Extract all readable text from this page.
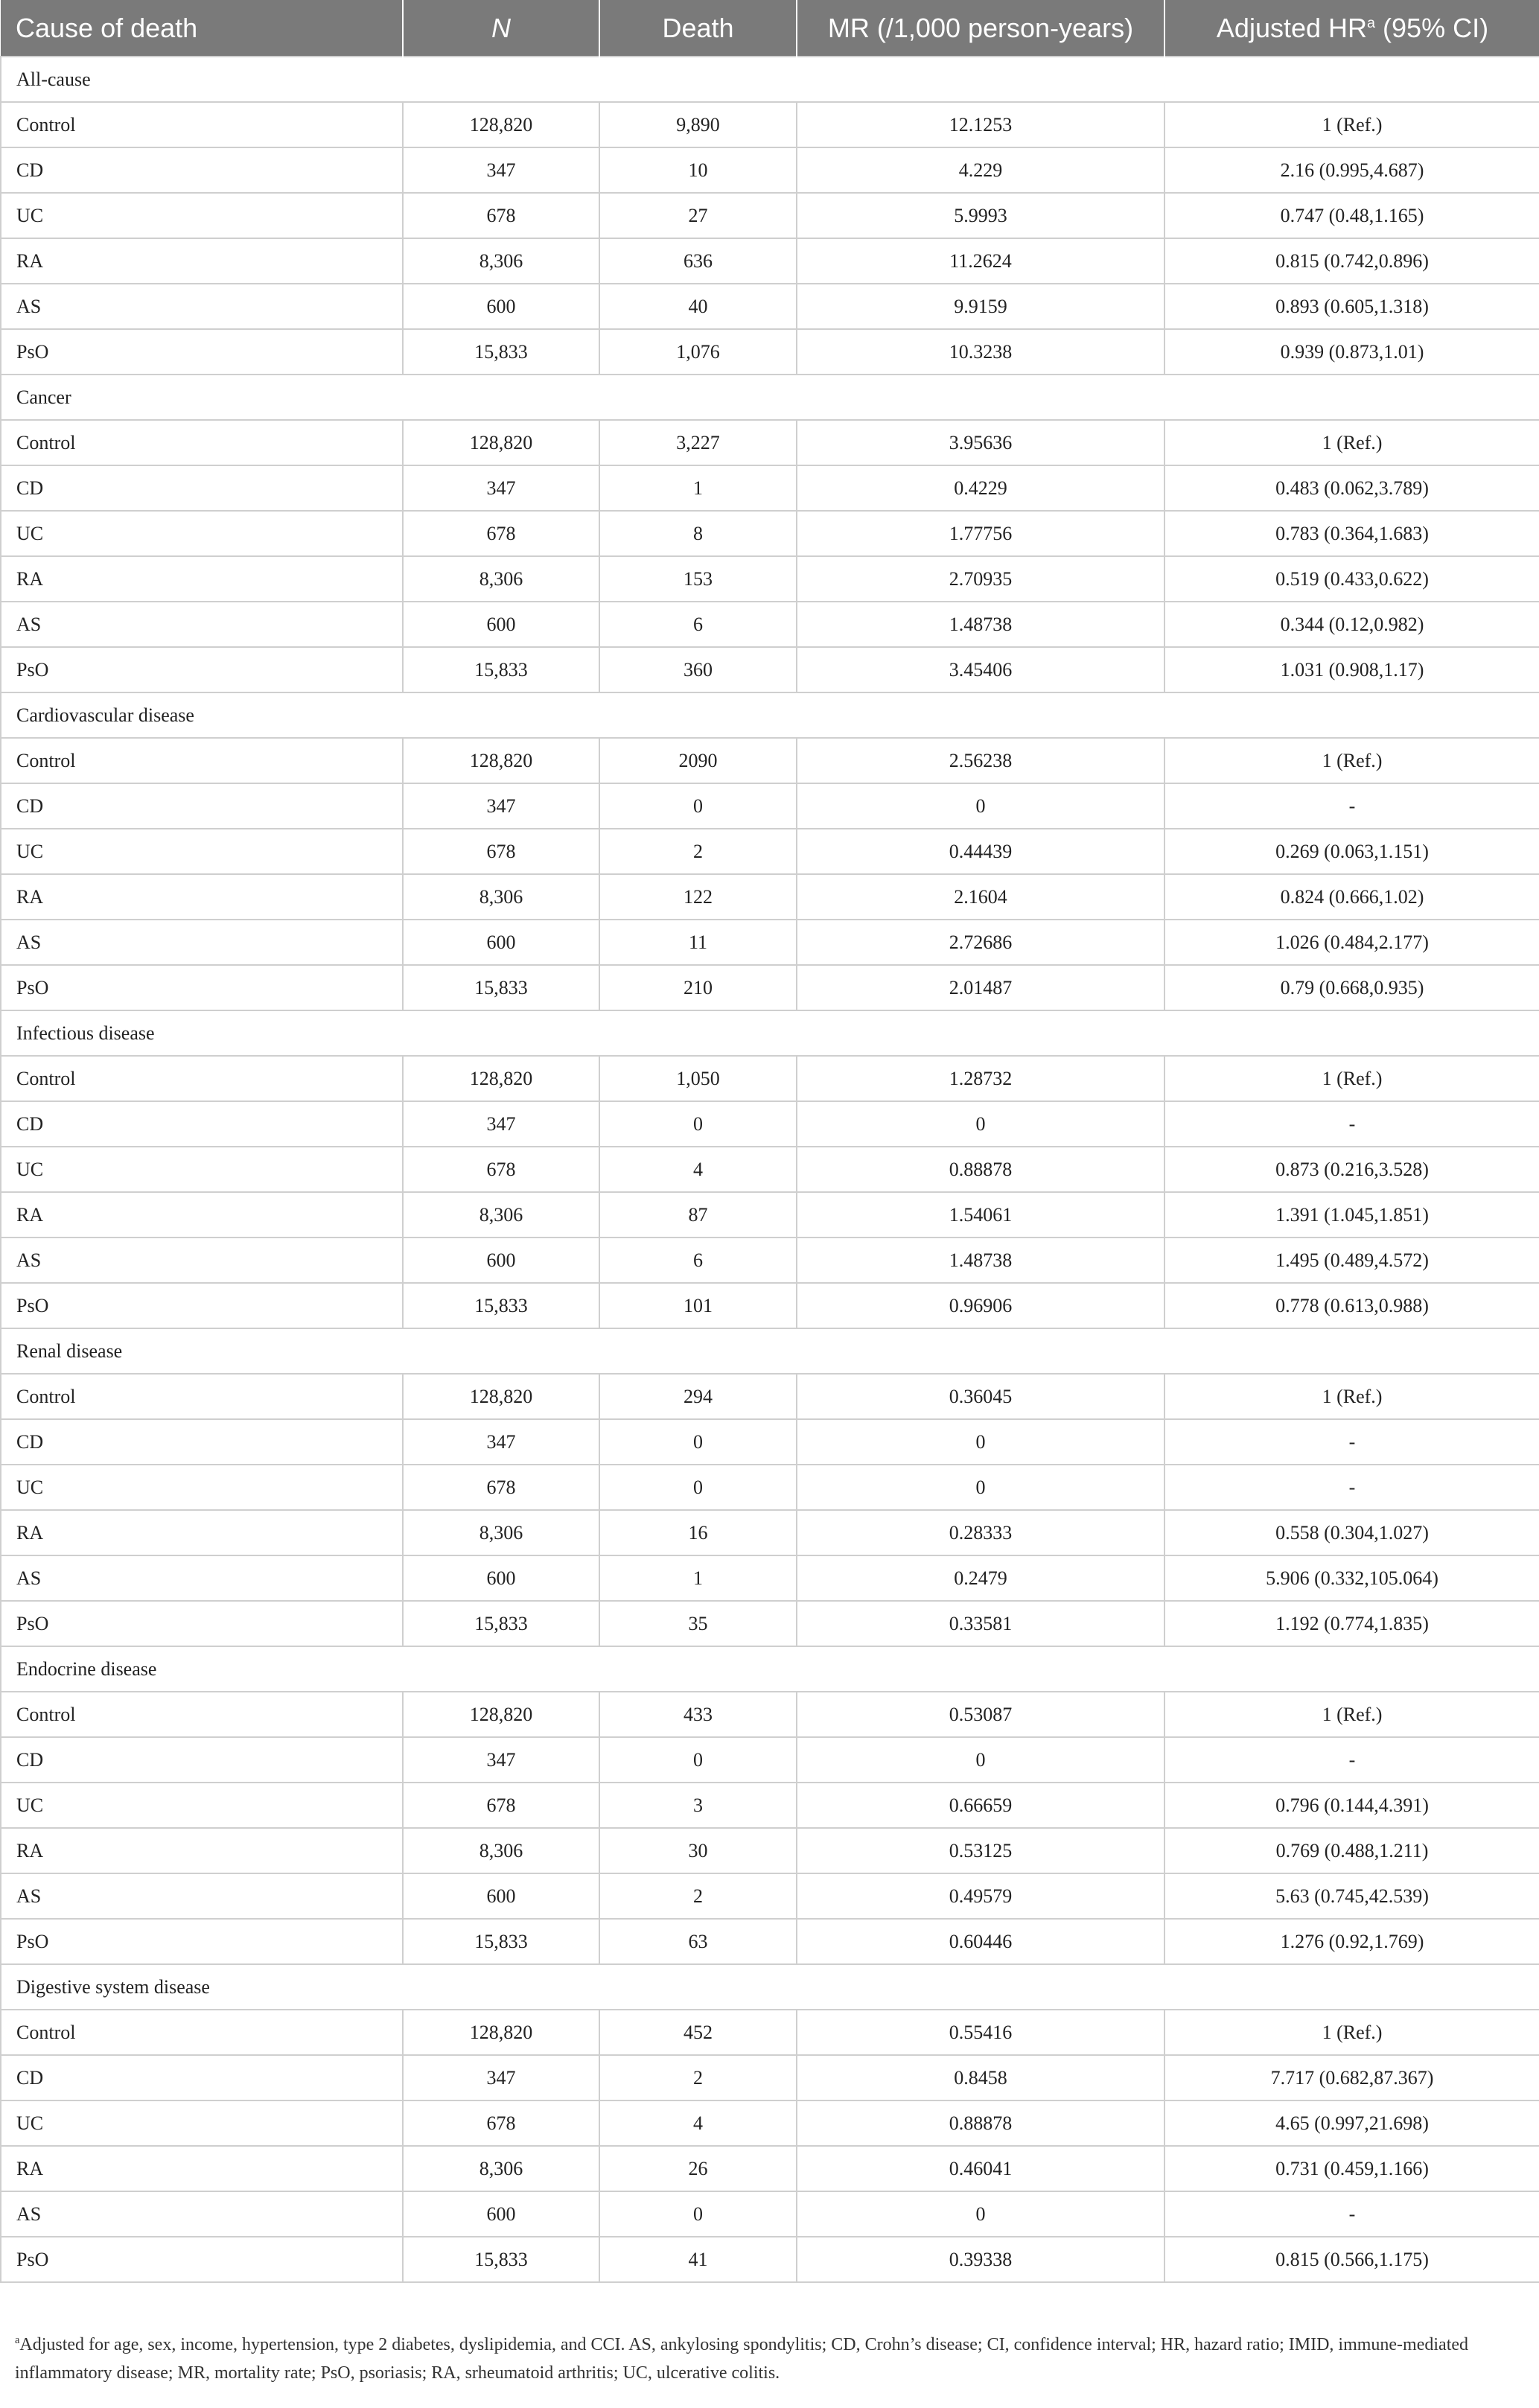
Cause of death	N	Death	MR (/1,000 person-years)	Adjusted $HR^a$ (95% CI)
All-cause				
Control	128,820	9,890	12.1253	1 (Ref.)
CD	347	10	4.229	2.16 (0.995,4.687)
UC	678	27	5.9993	0.747 (0.48,1.165)
RA	8,306	636	11.2624	0.815 (0.742,0.896)
AS	600	40	9.9159	0.893 (0.605,1.318)
PsO	15,833	1,076	10.3238	0.939 (0.873,1.01)
Cancer				
Control	128,820	3,227	3.95636	1 (Ref.)
CD	347	1	0.4229	0.483 (0.062,3.789)
UC	678	8	1.77756	0.783 (0.364,1.683)
RA	8,306	153	2.70935	0.519 (0.433,0.622)
AS	600	6	1.48738	0.344 (0.12,0.982)
PsO	15,833	360	3.45406	1.031 (0.908,1.17)
Cardiovascular disease				
Control	128,820	2090	2.56238	1 (Ref.)
CD	347	0	0	-
UC	678	2	0.44439	0.269 (0.063,1.151)
RA	8,306	122	2.1604	0.824 (0.666,1.02)
AS	600	11	2.72686	1.026 (0.484,2.177)
PsO	15,833	210	2.01487	0.79 (0.668,0.935)
Infectious disease				
Control	128,820	1,050	1.28732	1 (Ref.)
CD	347	0	0	-
UC	678	4	0.88878	0.873 (0.216,3.528)
RA	8,306	87	1.54061	1.391 (1.045,1.851)
AS	600	6	1.48738	1.495 (0.489,4.572)
PsO	15,833	101	0.96906	0.778 (0.613,0.988)
Renal disease				
Control	128,820	294	0.36045	1 (Ref.)
CD	347	0	0	-
UC	678	0	0	-
RA	8,306	16	0.28333	0.558 (0.304,1.027)
AS	600	1	0.2479	5.906 (0.332,105.064)
PsO	15,833	35	0.33581	1.192 (0.774,1.835)
Endocrine disease				
Control	128,820	433	0.53087	1 (Ref.)
CD	347	0	0	-
UC	678	3	0.66659	0.796 (0.144,4.391)
RA	8,306	30	0.53125	0.769 (0.488,1.211)
AS	600	2	0.49579	5.63 (0.745,42.539)
PsO	15,833	63	0.60446	1.276 (0.92,1.769)
Digestive system disease				
Control	128,820	452	0.55416	1 (Ref.)
CD	347	2	0.8458	7.717 (0.682,87.367)
UC	678	4	0.88878	4.65 (0.997,21.698)
RA	8,306	26	0.46041	0.731 (0.459,1.166)
AS	600	0	0	-
PsO	15,833	41	0.39338	0.815 (0.566,1.175)
$^a$Adjusted for age, sex, income, hypertension, type 2 diabetes, dyslipidemia, and CCI. AS, ankylosing spondylitis; CD, Crohn’s disease; CI, confidence interval; HR, hazard ratio; IMID, immune-mediated inflammatory disease; MR, mortality rate; PsO, psoriasis; RA, srheumatoid arthritis; UC, ulcerative colitis.
